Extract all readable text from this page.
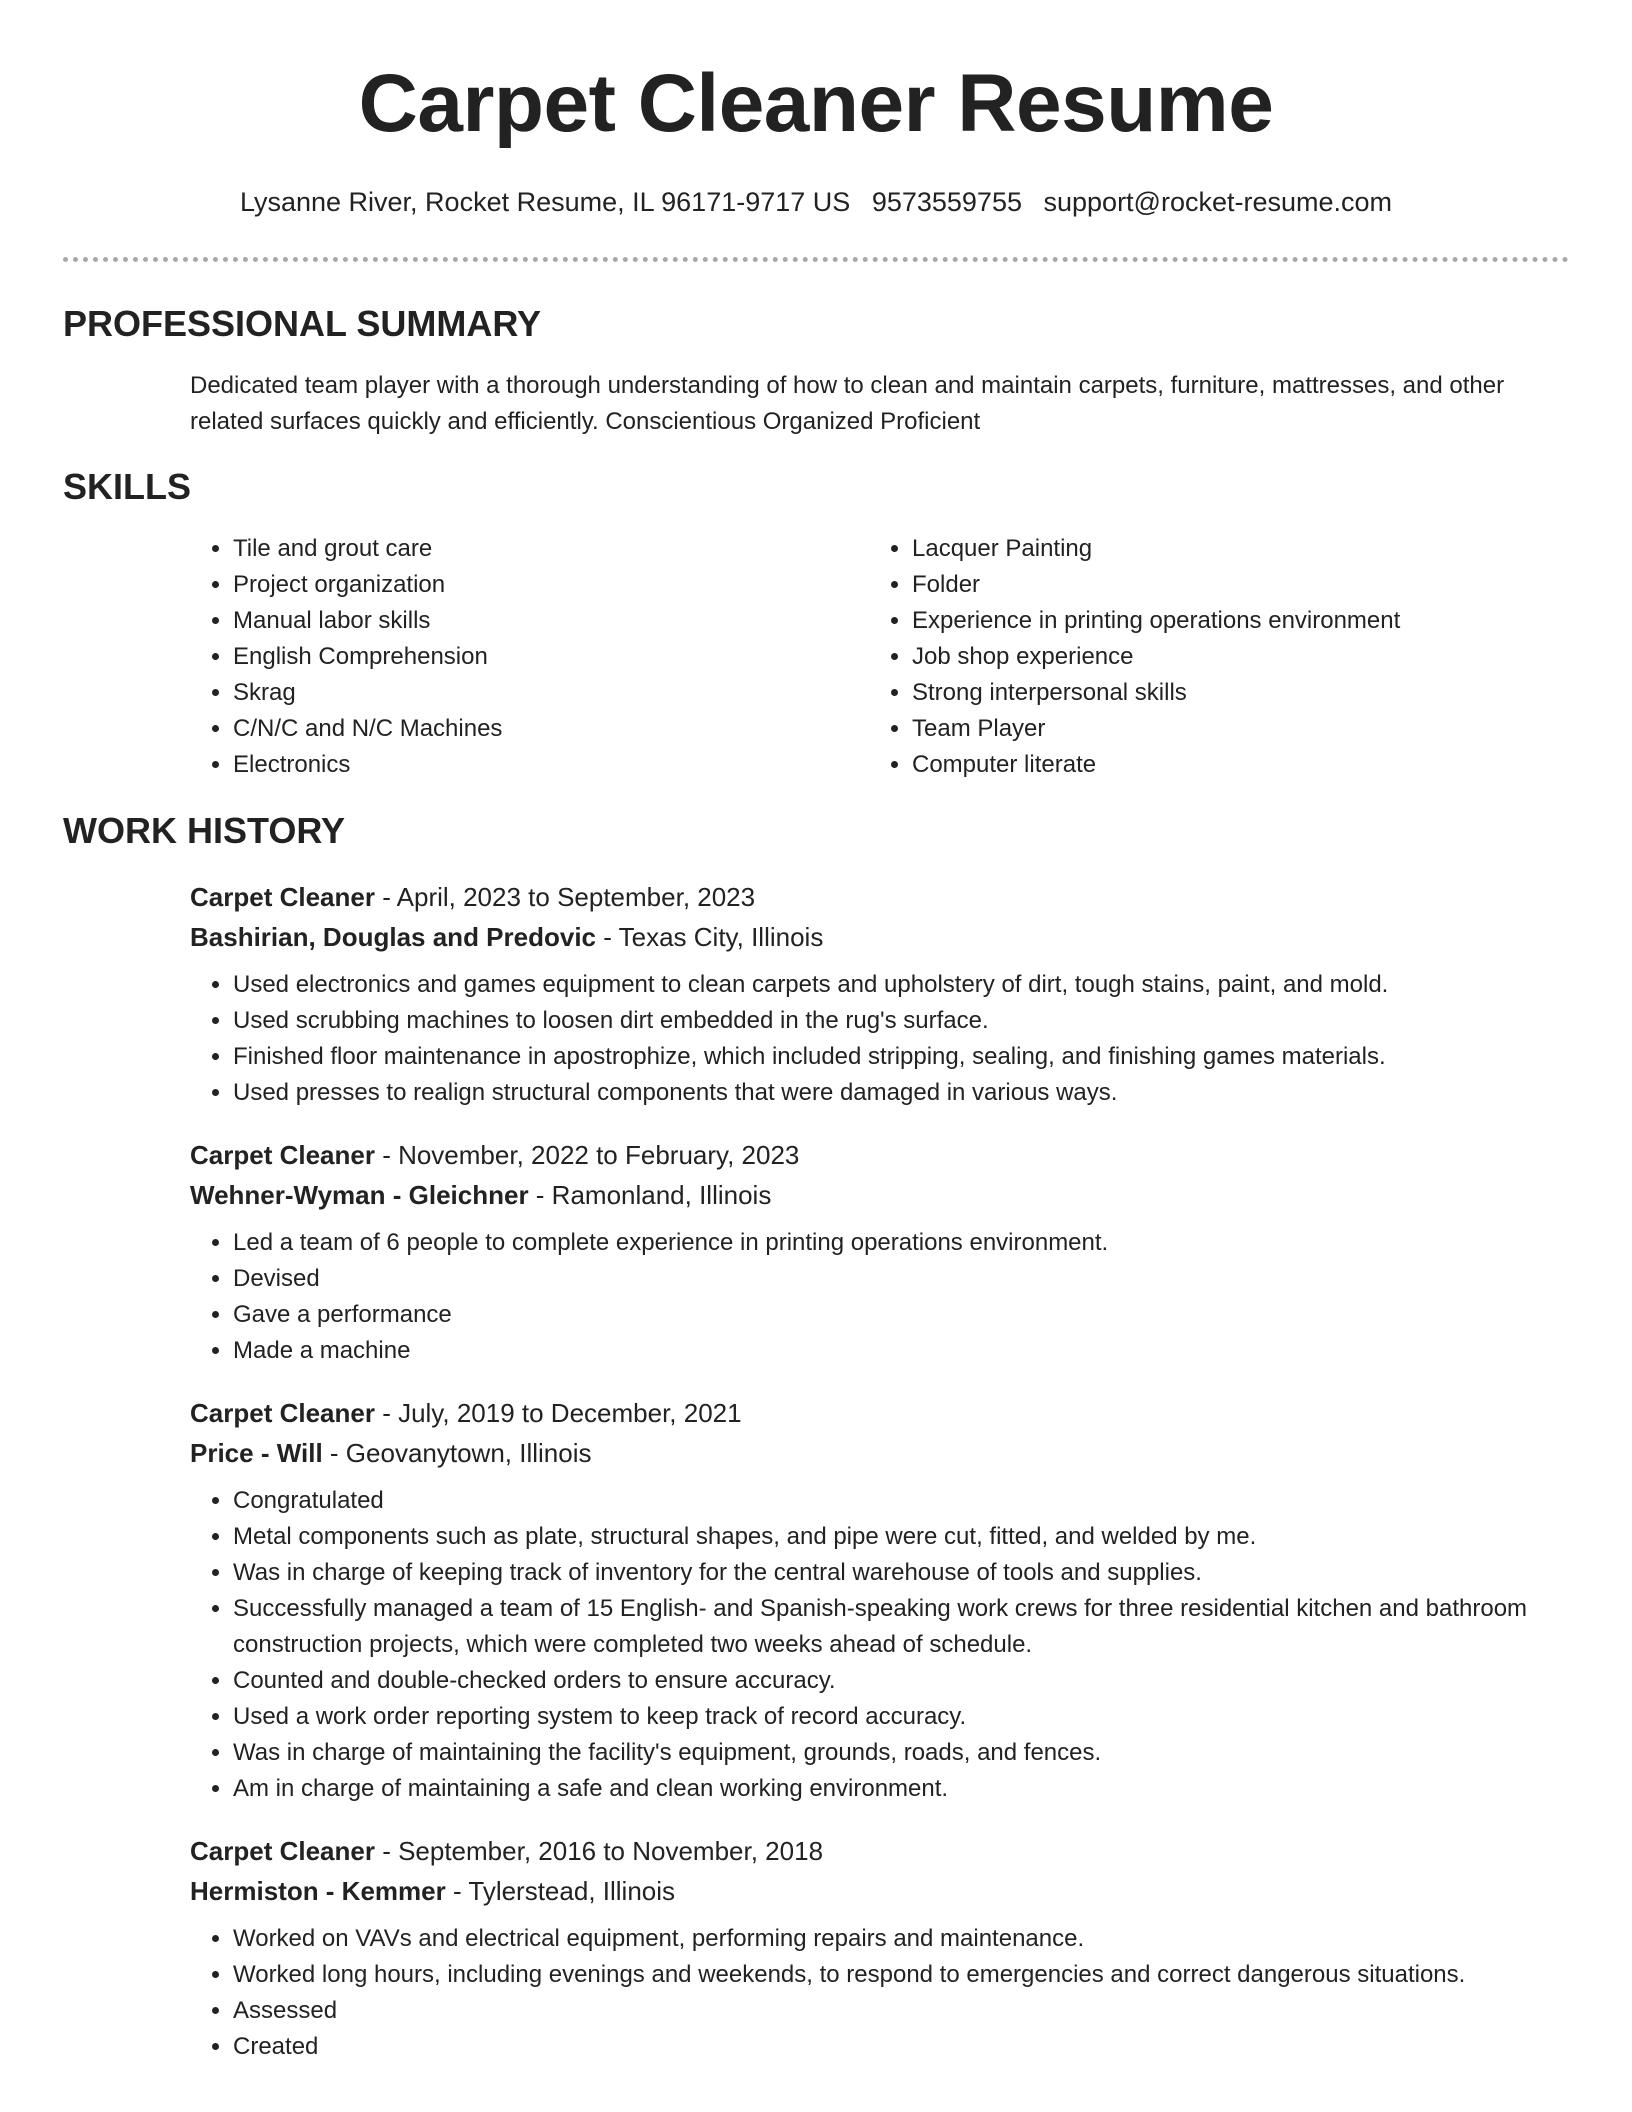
Carpet Cleaner Resume
Lysanne River, Rocket Resume, IL 96171-9717 US 9573559755 support@rocket-resume.com
PROFESSIONAL SUMMARY

Dedicated team player with a thorough understanding of how to clean and maintain carpets, furniture, mattresses, and other related surfaces quickly and efficiently. Conscientious Organized Proficient

SKILLS
• Tile and grout care
• Project organization
• Manual labor skills
• English Comprehension
• Skrag
• C/N/C and N/C Machines
• Electronics
• Lacquer Painting
• Folder
• Experience in printing operations environment
• Job shop experience
• Strong interpersonal skills
• Team Player
• Computer literate
WORK HISTORY
Carpet Cleaner - April, 2023 to September, 2023
Bashirian, Douglas and Predovic - Texas City, Illinois
• Used electronics and games equipment to clean carpets and upholstery of dirt, tough stains, paint, and mold.
• Used scrubbing machines to loosen dirt embedded in the rug's surface.
• Finished floor maintenance in apostrophize, which included stripping, sealing, and finishing games materials.
• Used presses to realign structural components that were damaged in various ways.
Carpet Cleaner - November, 2022 to February, 2023
Wehner-Wyman - Gleichner - Ramonland, Illinois
• Led a team of 6 people to complete experience in printing operations environment.
• Devised
• Gave a performance
• Made a machine
Carpet Cleaner - July, 2019 to December, 2021
Price - Will - Geovanytown, Illinois
• Congratulated
• Metal components such as plate, structural shapes, and pipe were cut, fitted, and welded by me.
• Was in charge of keeping track of inventory for the central warehouse of tools and supplies.
• Successfully managed a team of 15 English- and Spanish-speaking work crews for three residential kitchen and bathroom construction projects, which were completed two weeks ahead of schedule.
• Counted and double-checked orders to ensure accuracy.
• Used a work order reporting system to keep track of record accuracy.
• Was in charge of maintaining the facility's equipment, grounds, roads, and fences.
• Am in charge of maintaining a safe and clean working environment.
Carpet Cleaner - September, 2016 to November, 2018
Hermiston - Kemmer - Tylerstead, Illinois
• Worked on VAVs and electrical equipment, performing repairs and maintenance.
• Worked long hours, including evenings and weekends, to respond to emergencies and correct dangerous situations.
• Assessed
• Created
